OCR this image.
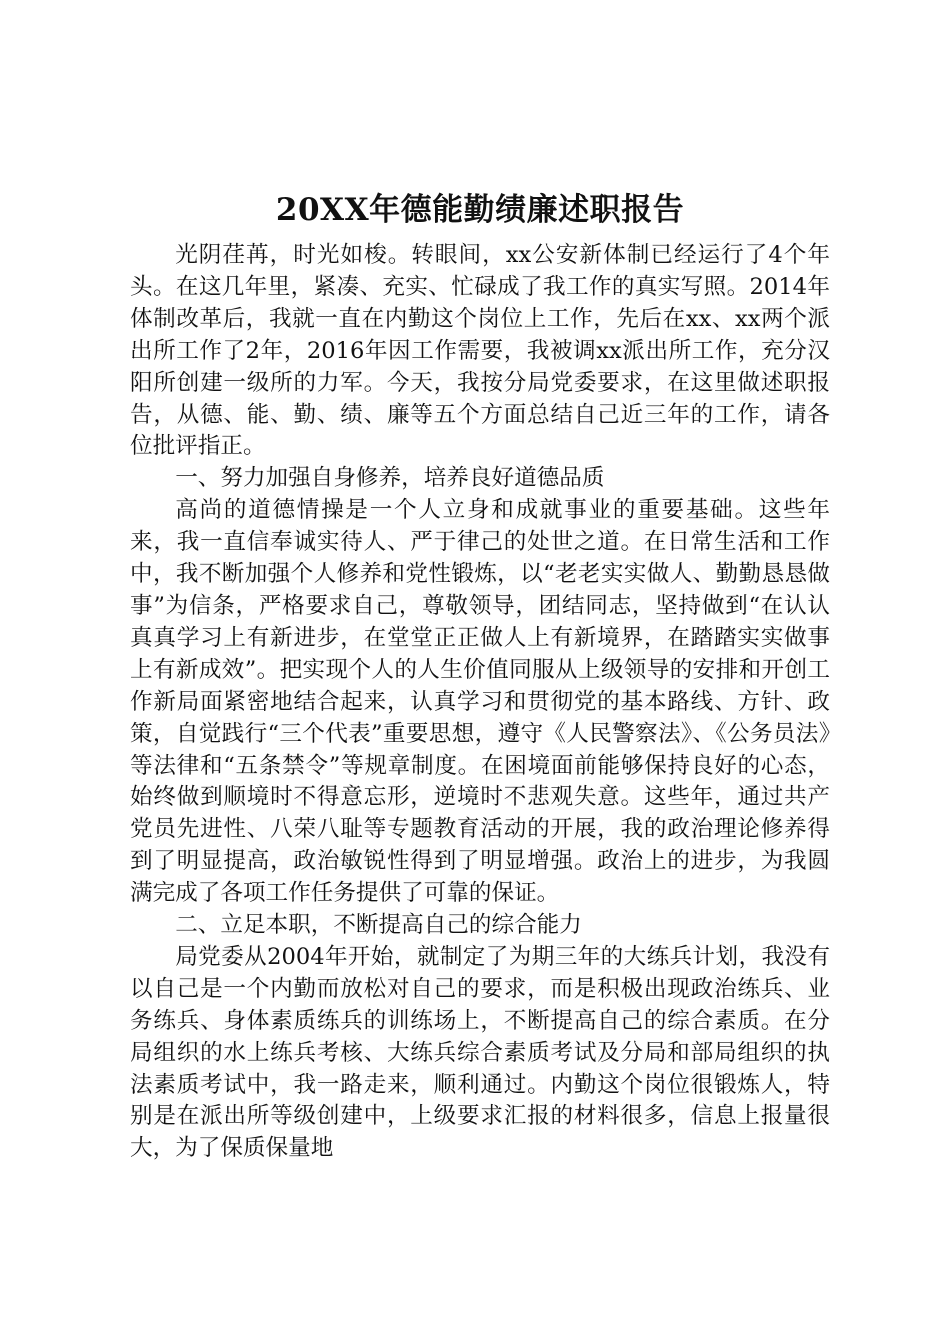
20XX年德能勤绩廉述职报告

光阴荏苒，时光如梭。转眼间，xx公安新体制已经运行了4个年头。在这几年里，紧凑、充实、忙碌成了我工作的真实写照。2014年体制改革后，我就一直在内勤这个岗位上工作，先后在xx、xx两个派出所工作了2年，2016年因工作需要，我被调xx派出所工作，充分汉阳所创建一级所的力军。今天，我按分局党委要求，在这里做述职报告，从德、能、勤、绩、廉等五个方面总结自己近三年的工作，请各位批评指正。

一、努力加强自身修养，培养良好道德品质

高尚的道德情操是一个人立身和成就事业的重要基础。这些年来，我一直信奉诚实待人、严于律己的处世之道。在日常生活和工作中，我不断加强个人修养和党性锻炼，以“老老实实做人、勤勤恳恳做事”为信条，严格要求自己，尊敬领导，团结同志，坚持做到“在认认真真学习上有新进步，在堂堂正正做人上有新境界，在踏踏实实做事上有新成效”。把实现个人的人生价值同服从上级领导的安排和开创工作新局面紧密地结合起来，认真学习和贯彻党的基本路线、方针、政策，自觉践行“三个代表”重要思想，遵守《人民警察法》、《公务员法》等法律和“五条禁令”等规章制度。在困境面前能够保持良好的心态，始终做到顺境时不得意忘形，逆境时不悲观失意。这些年，通过共产党员先进性、八荣八耻等专题教育活动的开展，我的政治理论修养得到了明显提高，政治敏锐性得到了明显增强。政治上的进步，为我圆满完成了各项工作任务提供了可靠的保证。

二、立足本职，不断提高自己的综合能力

局党委从2004年开始，就制定了为期三年的大练兵计划，我没有以自己是一个内勤而放松对自己的要求，而是积极出现政治练兵、业务练兵、身体素质练兵的训练场上，不断提高自己的综合素质。在分局组织的水上练兵考核、大练兵综合素质考试及分局和部局组织的执法素质考试中，我一路走来，顺利通过。内勤这个岗位很锻炼人，特别是在派出所等级创建中，上级要求汇报的材料很多，信息上报量很大，为了保质保量地
